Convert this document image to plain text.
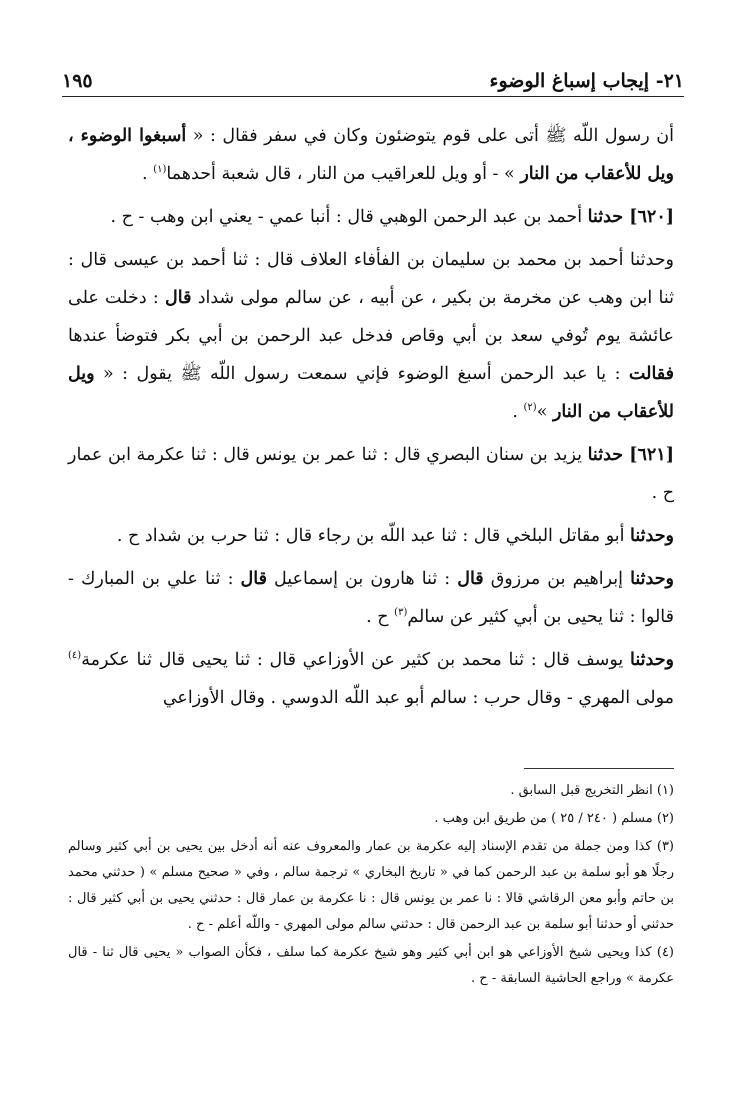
٢١- إيجاب إسباغ الوضوء
١٩٥

أن رسول اللّه ﷺ أتى على قوم يتوضئون وكان في سفر فقال : « أسبغوا الوضوء ، ويل للأعقاب من النار » - أو ويل للعراقيب من النار ، قال شعبة أحدهما$^{(١)}$ .

[٦٢٠] حدثنا أحمد بن عبد الرحمن الوهبي قال : أنبا عمي - يعني ابن وهب - ح .

وحدثنا أحمد بن محمد بن سليمان بن الفأفاء العلاف قال : ثنا أحمد بن عيسى قال : ثنا ابن وهب عن مخرمة بن بكير ، عن أبيه ، عن سالم مولى شداد قال : دخلت على عائشة يوم تُوفي سعد بن أبي وقاص فدخل عبد الرحمن بن أبي بكر فتوضأ عندها فقالت : يا عبد الرحمن أسبغ الوضوء فإني سمعت رسول اللّه ﷺ يقول : « ويل للأعقاب من النار »$^{(٢)}$ .

[٦٢١] حدثنا يزيد بن سنان البصري قال : ثنا عمر بن يونس قال : ثنا عكرمة ابن عمار ح .

وحدثنا أبو مقاتل البلخي قال : ثنا عبد اللّه بن رجاء قال : ثنا حرب بن شداد ح .

وحدثنا إبراهيم بن مرزوق قال : ثنا هارون بن إسماعيل قال : ثنا علي بن المبارك - قالوا : ثنا يحيى بن أبي كثير عن سالم$^{(٣)}$ ح .

وحدثنا يوسف قال : ثنا محمد بن كثير عن الأوزاعي قال : ثنا يحيى قال ثنا عكرمة$^{(٤)}$ مولى المهري - وقال حرب : سالم أبو عبد اللّه الدوسي . وقال الأوزاعي

(١) انظر التخريج قبل السابق .

(٢) مسلم ( ٢٤٠ / ٢٥ ) من طريق ابن وهب .

(٣) كذا ومن جملة من تقدم الإسناد إليه عكرمة بن عمار والمعروف عنه أنه أدخل بين يحيى بن أبي كثير وسالم رجلًا هو أبو سلمة بن عبد الرحمن كما في « تاريخ البخاري » ترجمة سالم ، وفي « صحيح مسلم » ( حدثني محمد بن حاتم وأبو معن الرقاشي قالا : نا عمر بن يونس قال : نا عكرمة بن عمار قال : حدثني يحيى بن أبي كثير قال : حدثني أو حدثنا أبو سلمة بن عبد الرحمن قال : حدثني سالم مولى المهري - واللّه أعلم - ح .

(٤) كذا ويحيى شيخ الأوزاعي هو ابن أبي كثير وهو شيخ عكرمة كما سلف ، فكأن الصواب « يحيى قال ثنا - قال عكرمة » وراجع الحاشية السابقة - ح .
